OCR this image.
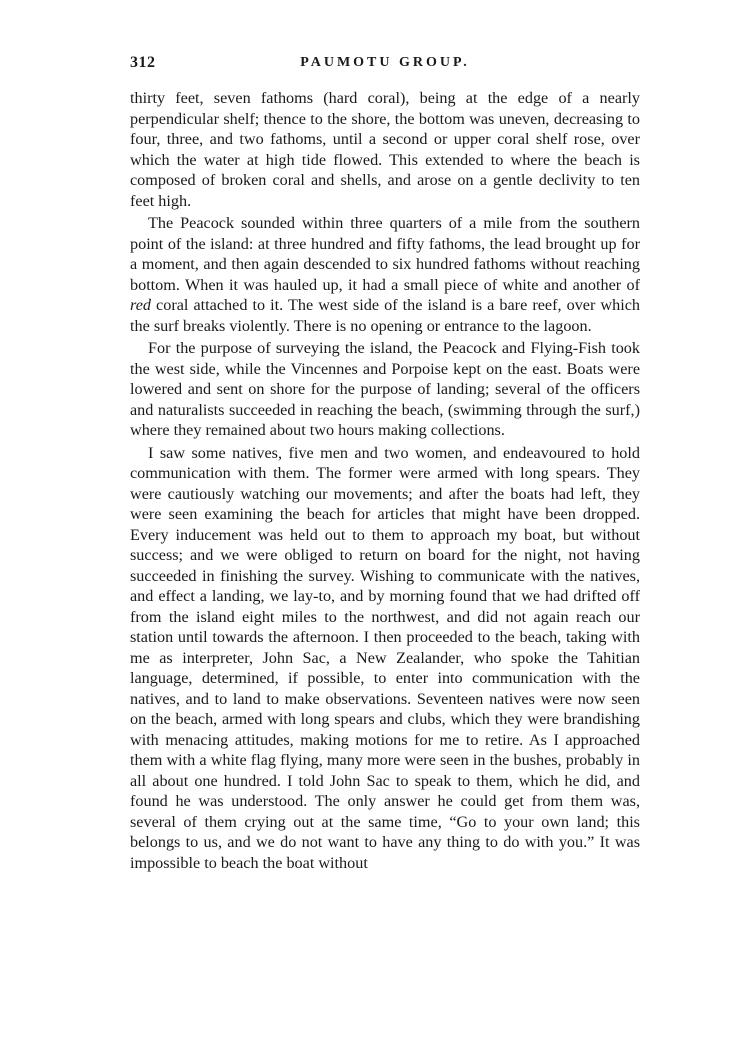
312	PAUMOTU GROUP.

thirty feet, seven fathoms (hard coral), being at the edge of a nearly perpendicular shelf; thence to the shore, the bottom was uneven, decreasing to four, three, and two fathoms, until a second or upper coral shelf rose, over which the water at high tide flowed. This extended to where the beach is composed of broken coral and shells, and arose on a gentle declivity to ten feet high.

The Peacock sounded within three quarters of a mile from the southern point of the island: at three hundred and fifty fathoms, the lead brought up for a moment, and then again descended to six hundred fathoms without reaching bottom. When it was hauled up, it had a small piece of white and another of red coral attached to it. The west side of the island is a bare reef, over which the surf breaks violently. There is no opening or entrance to the lagoon.

For the purpose of surveying the island, the Peacock and Flying-Fish took the west side, while the Vincennes and Porpoise kept on the east. Boats were lowered and sent on shore for the purpose of landing; several of the officers and naturalists succeeded in reaching the beach, (swimming through the surf,) where they remained about two hours making collections.

I saw some natives, five men and two women, and endeavoured to hold communication with them. The former were armed with long spears. They were cautiously watching our movements; and after the boats had left, they were seen examining the beach for articles that might have been dropped. Every inducement was held out to them to approach my boat, but without success; and we were obliged to return on board for the night, not having succeeded in finishing the survey. Wishing to communicate with the natives, and effect a landing, we lay-to, and by morning found that we had drifted off from the island eight miles to the northwest, and did not again reach our station until towards the afternoon. I then proceeded to the beach, taking with me as interpreter, John Sac, a New Zealander, who spoke the Tahitian language, determined, if possible, to enter into communication with the natives, and to land to make observations. Seventeen natives were now seen on the beach, armed with long spears and clubs, which they were brandishing with menacing attitudes, making motions for me to retire. As I approached them with a white flag flying, many more were seen in the bushes, probably in all about one hundred. I told John Sac to speak to them, which he did, and found he was understood. The only answer he could get from them was, several of them crying out at the same time, “Go to your own land; this belongs to us, and we do not want to have any thing to do with you.” It was impossible to beach the boat without
